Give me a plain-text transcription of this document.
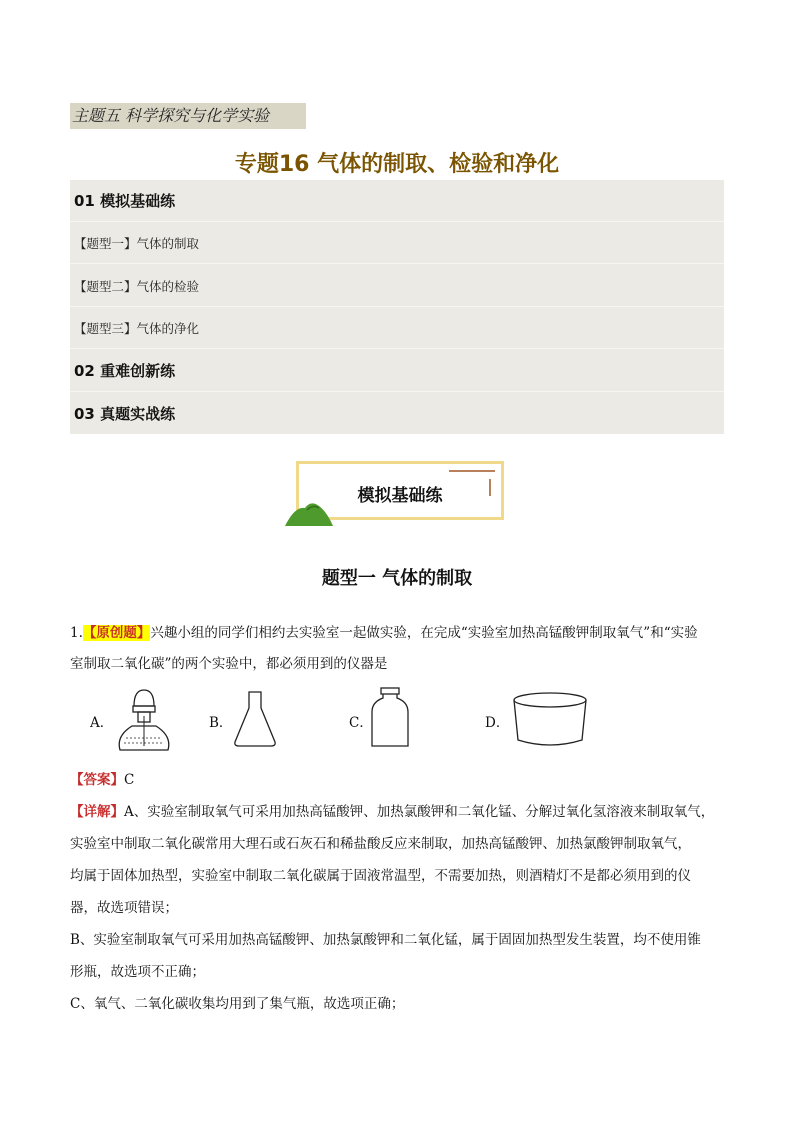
主题五 科学探究与化学实验
专题16 气体的制取、检验和净化
01 模拟基础练
【题型一】气体的制取
【题型二】气体的检验
【题型三】气体的净化
02 重难创新练
03 真题实战练
模拟基础练
题型一 气体的制取
1.【原创题】兴趣小组的同学们相约去实验室一起做实验，在完成“实验室加热高锰酸钾制取氧气”和“实验
室制取二氧化碳”的两个实验中，都必须用到的仪器是
A．	B．	C．	D．
【答案】C
【详解】A、实验室制取氧气可采用加热高锰酸钾、加热氯酸钾和二氧化锰、分解过氧化氢溶液来制取氧气，
实验室中制取二氧化碳常用大理石或石灰石和稀盐酸反应来制取，加热高锰酸钾、加热氯酸钾制取氧气，
均属于固体加热型，实验室中制取二氧化碳属于固液常温型，不需要加热，则酒精灯不是都必须用到的仪
器，故选项错误；
B、实验室制取氧气可采用加热高锰酸钾、加热氯酸钾和二氧化锰，属于固固加热型发生装置，均不使用锥
形瓶，故选项不正确；
C、氧气、二氧化碳收集均用到了集气瓶，故选项正确；
